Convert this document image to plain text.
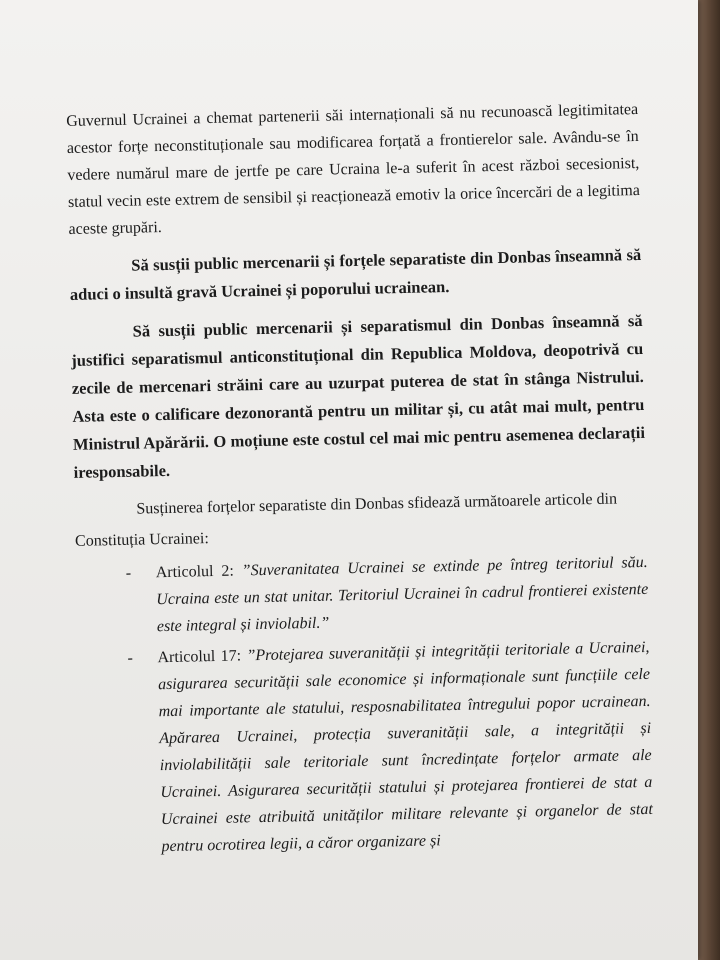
Guvernul Ucrainei a chemat partenerii săi internaționali să nu recunoască legitimitatea acestor forțe neconstituționale sau modificarea forțată a frontierelor sale. Avându-se în vedere numărul mare de jertfe pe care Ucraina le-a suferit în acest război secesionist, statul vecin este extrem de sensibil și reacționează emotiv la orice încercări de a legitima aceste grupări.

Să susții public mercenarii și forțele separatiste din Donbas înseamnă să aduci o insultă gravă Ucrainei și poporului ucrainean.

Să susții public mercenarii și separatismul din Donbas înseamnă să justifici separatismul anticonstituțional din Republica Moldova, deopotrivă cu zecile de mercenari străini care au uzurpat puterea de stat în stânga Nistrului. Asta este o calificare dezonorantă pentru un militar și, cu atât mai mult, pentru Ministrul Apărării. O moțiune este costul cel mai mic pentru asemenea declarații iresponsabile.

Susținerea forțelor separatiste din Donbas sfidează următoarele articole din

Constituția Ucrainei:

- Articolul 2: ”Suveranitatea Ucrainei se extinde pe întreg teritoriul său. Ucraina este un stat unitar. Teritoriul Ucrainei în cadrul frontierei existente este integral și inviolabil.”
- Articolul 17: ”Protejarea suveranității și integrității teritoriale a Ucrainei, asigurarea securității sale economice și informaționale sunt funcțiile cele mai importante ale statului, resposnabilitatea întregului popor ucrainean. Apărarea Ucrainei, protecția suveranității sale, a integrității și inviolabilității sale teritoriale sunt încredințate forțelor armate ale Ucrainei. Asigurarea securității statului și protejarea frontierei de stat a Ucrainei este atribuită unităților militare relevante și organelor de stat pentru ocrotirea legii, a căror organizare și
